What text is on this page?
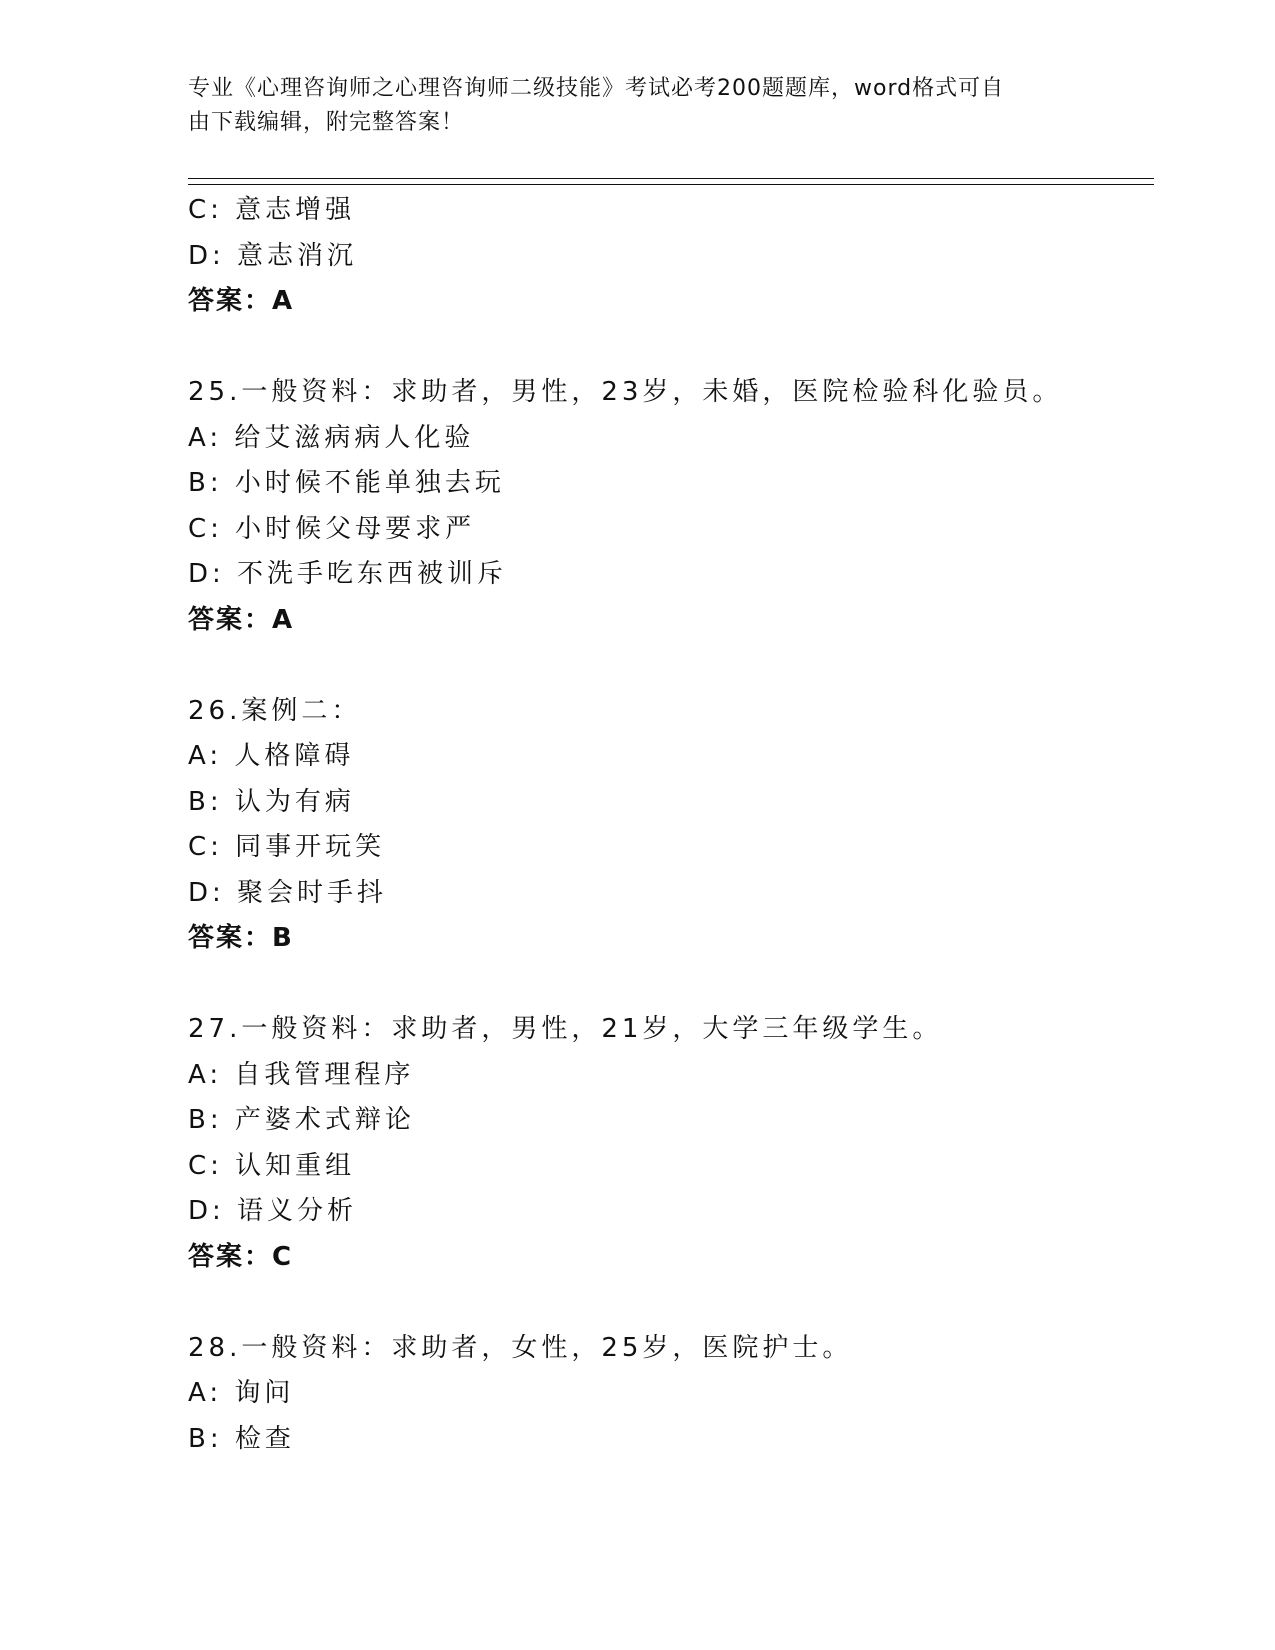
专业《心理咨询师之心理咨询师二级技能》考试必考200题题库，word格式可自
由下载编辑，附完整答案！
C: 意志增强
D: 意志消沉
答案：A
25.一般资料：求助者，男性，23岁，未婚，医院检验科化验员。
A: 给艾滋病病人化验
B: 小时候不能单独去玩
C: 小时候父母要求严
D: 不洗手吃东西被训斥
答案：A
26.案例二：
A: 人格障碍
B: 认为有病
C: 同事开玩笑
D: 聚会时手抖
答案：B
27.一般资料：求助者，男性，21岁，大学三年级学生。
A: 自我管理程序
B: 产婆术式辩论
C: 认知重组
D: 语义分析
答案：C
28.一般资料：求助者，女性，25岁，医院护士。
A: 询问
B: 检查
